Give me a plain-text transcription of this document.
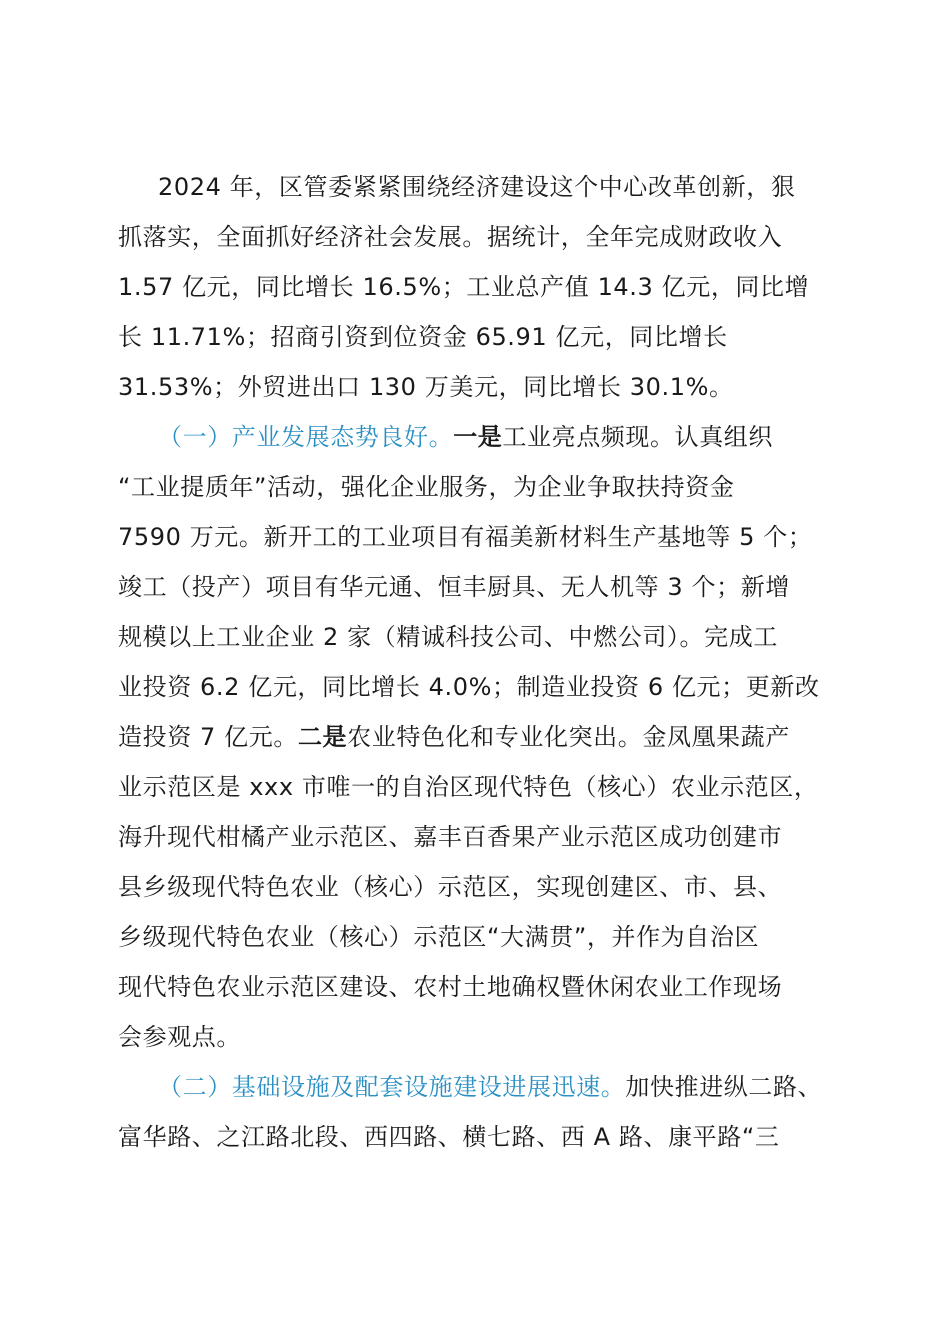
2024 年，区管委紧紧围绕经济建设这个中心改革创新，狠
抓落实，全面抓好经济社会发展。据统计，全年完成财政收入
1.57 亿元，同比增长 16.5%；工业总产值 14.3 亿元，同比增
长 11.71%；招商引资到位资金 65.91 亿元，同比增长
31.53%；外贸进出口 130 万美元，同比增长 30.1%。
（一）产业发展态势良好。一是工业亮点频现。认真组织
“工业提质年”活动，强化企业服务，为企业争取扶持资金
7590 万元。新开工的工业项目有福美新材料生产基地等 5 个；
竣工（投产）项目有华元通、恒丰厨具、无人机等 3 个；新增
规模以上工业企业 2 家（精诚科技公司、中燃公司）。完成工
业投资 6.2 亿元，同比增长 4.0%；制造业投资 6 亿元；更新改
造投资 7 亿元。二是农业特色化和专业化突出。金凤凰果蔬产
业示范区是 xxx 市唯一的自治区现代特色（核心）农业示范区，
海升现代柑橘产业示范区、嘉丰百香果产业示范区成功创建市
县乡级现代特色农业（核心）示范区，实现创建区、市、县、
乡级现代特色农业（核心）示范区“大满贯”，并作为自治区
现代特色农业示范区建设、农村土地确权暨休闲农业工作现场
会参观点。
（二）基础设施及配套设施建设进展迅速。加快推进纵二路、
富华路、之江路北段、西四路、横七路、西 A 路、康平路“三
